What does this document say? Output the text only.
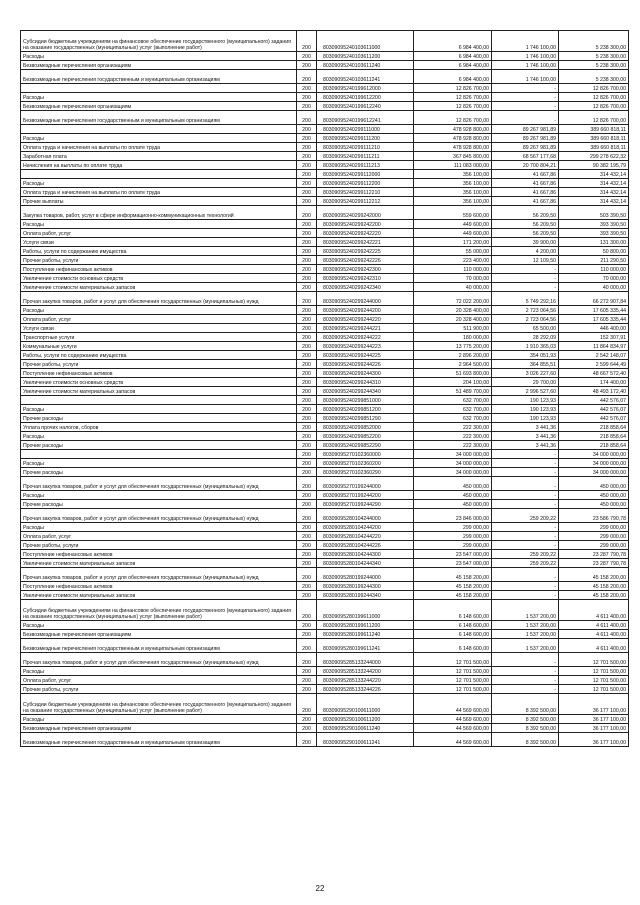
Субсидии бюджетным учреждениям на финансовое обеспечение государственного (муниципального) задания на оказание государственных (муниципальных) услуг (выполнение работ)	200	80309095240103611000	6 984 400,00	1 746 100,00	5 238 300,00
Расходы	200	80309095240103611200	6 984 400,00	1 746 100,00	5 238 300,00
Безвозмездные перечисления организациям	200	80309095240103611240	6 984 400,00	1 746 100,00	5 238 300,00
Безвозмездные перечисления государственным и муниципальным организациям	200	80309095240103611241	6 984 400,00	1 746 100,00	5 238 300,00
	200	80309095240199612000	12 826 700,00	-	12 826 700,00
Расходы	200	80309095240199612200	12 826 700,00	-	12 826 700,00
Безвозмездные перечисления организациям	200	80309095240199612240	12 826 700,00	-	12 826 700,00
Безвозмездные перечисления государственным и муниципальным организациям	200	80309095240199612241	12 826 700,00	-	12 826 700,00
	200	80309095240299111000	478 928 800,00	89 267 981,89	389 660 818,11
Расходы	200	80309095240299111200	478 928 800,00	89 267 981,89	389 660 818,11
Оплата труда и начисления на выплаты по оплате труда	200	80309095240299111210	478 928 800,00	89 267 981,89	389 660 818,11
Заработная плата	200	80309095240299111211	367 845 800,00	68 567 177,68	299 278 622,32
Начисления на выплаты по оплате труда	200	80309095240299111213	111 083 000,00	20 700 804,21	90 382 195,79
	200	80309095240299112000	356 100,00	41 667,86	314 432,14
Расходы	200	80309095240299112200	356 100,00	41 667,86	314 432,14
Оплата труда и начисления на выплаты по оплате труда	200	80309095240299112210	356 100,00	41 667,86	314 432,14
Прочие выплаты	200	80309095240299112212	356 100,00	41 667,86	314 432,14
Закупка товаров, работ, услуг в сфере информационно-коммуникационных технологий	200	80309095240299242000	559 600,00	56 209,50	503 390,50
Расходы	200	80309095240299242200	449 600,00	56 209,50	393 390,50
Оплата работ, услуг	200	80309095240299242220	449 600,00	56 209,50	393 390,50
Услуги связи	200	80309095240299242221	171 200,00	39 900,00	131 300,00
Работы, услуги по содержанию имущества	200	80309095240299242225	55 000,00	4 200,00	50 800,00
Прочие работы, услуги	200	80309095240299242226	223 400,00	12 109,50	211 290,50
Поступление нефинансовых активов	200	80309095240299242300	110 000,00	-	110 000,00
Увеличение стоимости основных средств	200	80309095240299242310	70 000,00	-	70 000,00
Увеличение стоимости материальных запасов	200	80309095240299242340	40 000,00	-	40 000,00
Прочая закупка товаров, работ и услуг для обеспечения государственных (муниципальных) нужд	200	80309095240299244000	72 022 200,00	5 749 292,16	66 272 907,84
Расходы	200	80309095240299244200	20 328 400,00	2 723 064,56	17 605 335,44
Оплата работ, услуг	200	80309095240299244220	20 328 400,00	2 723 064,56	17 605 335,44
Услуги связи	200	80309095240299244221	511 900,00	65 500,00	446 400,00
Транспортные услуги	200	80309095240299244222	180 000,00	28 292,09	152 307,91
Коммунальные услуги	200	80309095240299244223	13 775 200,00	1 910 365,03	11 864 834,97
Работы, услуги по содержанию имущества	200	80309095240299244225	2 896 200,00	354 051,93	2 542 148,07
Прочие работы, услуги	200	80309095240299244226	2 964 500,00	364 855,51	2 599 644,49
Поступление нефинансовых активов	200	80309095240299244300	51 693 800,00	3 026 227,60	48 667 572,40
Увеличение стоимости основных средств	200	80309095240299244310	204 100,00	29 700,00	174 400,00
Увеличение стоимости материальных запасов	200	80309095240299244340	51 489 700,00	2 996 527,60	48 493 172,40
	200	80309095240299851000	632 700,00	190 123,93	442 576,07
Расходы	200	80309095240299851200	632 700,00	190 123,93	442 576,07
Прочие расходы	200	80309095240299851290	632 700,00	190 123,93	442 576,07
Уплата прочих налогов, сборов	200	80309095240299852000	222 300,00	3 441,36	218 858,64
Расходы	200	80309095240299852200	222 300,00	3 441,36	218 858,64
Прочие расходы	200	80309095240299852290	222 300,00	3 441,36	218 858,64
	200	80309095270102360000	34 000 000,00	-	34 000 000,00
Расходы	200	80309095270102360200	34 000 000,00	-	34 000 000,00
Прочие расходы	200	80309095270102360290	34 000 000,00	-	34 000 000,00
Прочая закупка товаров, работ и услуг для обеспечения государственных (муниципальных) нужд	200	80309095270199244000	450 000,00	-	450 000,00
Расходы	200	80309095270199244200	450 000,00	-	450 000,00
Прочие расходы	200	80309095270199244290	450 000,00	-	450 000,00
Прочая закупка товаров, работ и услуг для обеспечения государственных (муниципальных) нужд	200	80309095280104244000	23 846 000,00	259 209,22	23 586 790,78
Расходы	200	80309095280104244200	299 000,00	-	299 000,00
Оплата работ, услуг	200	80309095280104244220	299 000,00	-	299 000,00
Прочие работы, услуги	200	80309095280104244226	299 000,00	-	299 000,00
Поступление нефинансовых активов	200	80309095280104244300	23 547 000,00	259 209,22	23 287 790,78
Увеличение стоимости материальных запасов	200	80309095280104244340	23 547 000,00	259 209,22	23 287 790,78
Прочая закупка товаров, работ и услуг для обеспечения государственных (муниципальных) нужд	200	80309095280199244000	45 158 200,00	-	45 158 200,00
Поступление нефинансовых активов	200	80309095280199244300	45 158 200,00	-	45 158 200,00
Увеличение стоимости материальных запасов	200	80309095280199244340	45 158 200,00	-	45 158 200,00
Субсидии бюджетным учреждениям на финансовое обеспечение государственного (муниципального) задания на оказание государственных (муниципальных) услуг (выполнение работ)	200	80309095280199611000	6 148 600,00	1 537 200,00	4 611 400,00
Расходы	200	80309095280199611200	6 148 600,00	1 537 200,00	4 611 400,00
Безвозмездные перечисления организациям	200	80309095280199611240	6 148 600,00	1 537 200,00	4 611 400,00
Безвозмездные перечисления государственным и муниципальным организациям	200	80309095280199611241	6 148 600,00	1 537 200,00	4 611 400,00
Прочая закупка товаров, работ и услуг для обеспечения государственных (муниципальных) нужд	200	80309095285133244000	12 701 500,00	-	12 701 500,00
Расходы	200	80309095285133244200	12 701 500,00	-	12 701 500,00
Оплата работ, услуг	200	80309095285133244220	12 701 500,00	-	12 701 500,00
Прочие работы, услуги	200	80309095285133244226	12 701 500,00	-	12 701 500,00
Субсидии бюджетным учреждениям на финансовое обеспечение государственного (муниципального) задания на оказание государственных (муниципальных) услуг (выполнение работ)	200	80309095290100611000	44 569 600,00	8 392 500,00	36 177 100,00
Расходы	200	80309095290100611200	44 569 600,00	8 392 500,00	36 177 100,00
Безвозмездные перечисления организациям	200	80309095290100611240	44 569 600,00	8 392 500,00	36 177 100,00
Безвозмездные перечисления государственным и муниципальным организациям	200	80309095290100611241	44 569 600,00	8 392 500,00	36 177 100,00
22
